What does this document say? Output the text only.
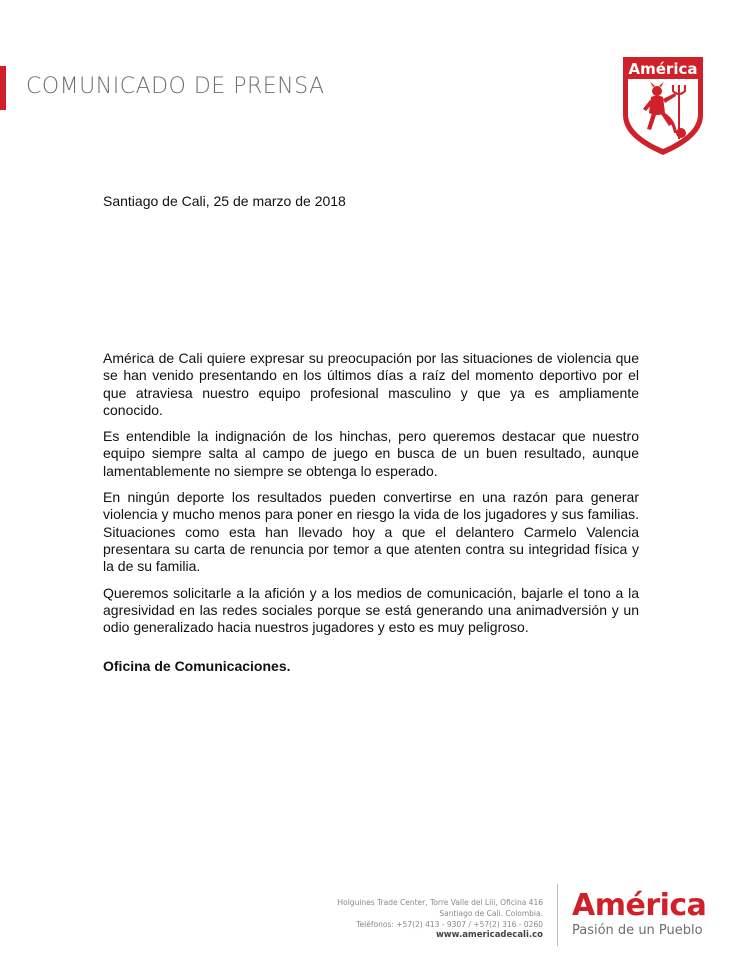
COMUNICADO DE PRENSA
América
Santiago de Cali, 25 de marzo de 2018

América de Cali quiere expresar su preocupación por las situaciones de violencia que se han venido presentando en los últimos días a raíz del momento deportivo por el que atraviesa nuestro equipo profesional masculino y que ya es ampliamente conocido.

Es entendible la indignación de los hinchas, pero queremos destacar que nuestro equipo siempre salta al campo de juego en busca de un buen resultado, aunque lamentablemente no siempre se obtenga lo esperado.

En ningún deporte los resultados pueden convertirse en una razón para generar violencia y mucho menos para poner en riesgo la vida de los jugadores y sus familias. Situaciones como esta han llevado hoy a que el delantero Carmelo Valencia presentara su carta de renuncia por temor a que atenten contra su integridad física y la de su familia.

Queremos solicitarle a la afición y a los medios de comunicación, bajarle el tono a la agresividad en las redes sociales porque se está generando una animadversión y un odio generalizado hacia nuestros jugadores y esto es muy peligroso.

Oficina de Comunicaciones.
Holguines Trade Center, Torre Valle del Lili, Oficina 416
Santiago de Cali. Colombia.
Teléfonos: +57(2) 413 - 9307 / +57(2) 316 - 0260
www.americadecali.co
América
Pasión de un Pueblo
